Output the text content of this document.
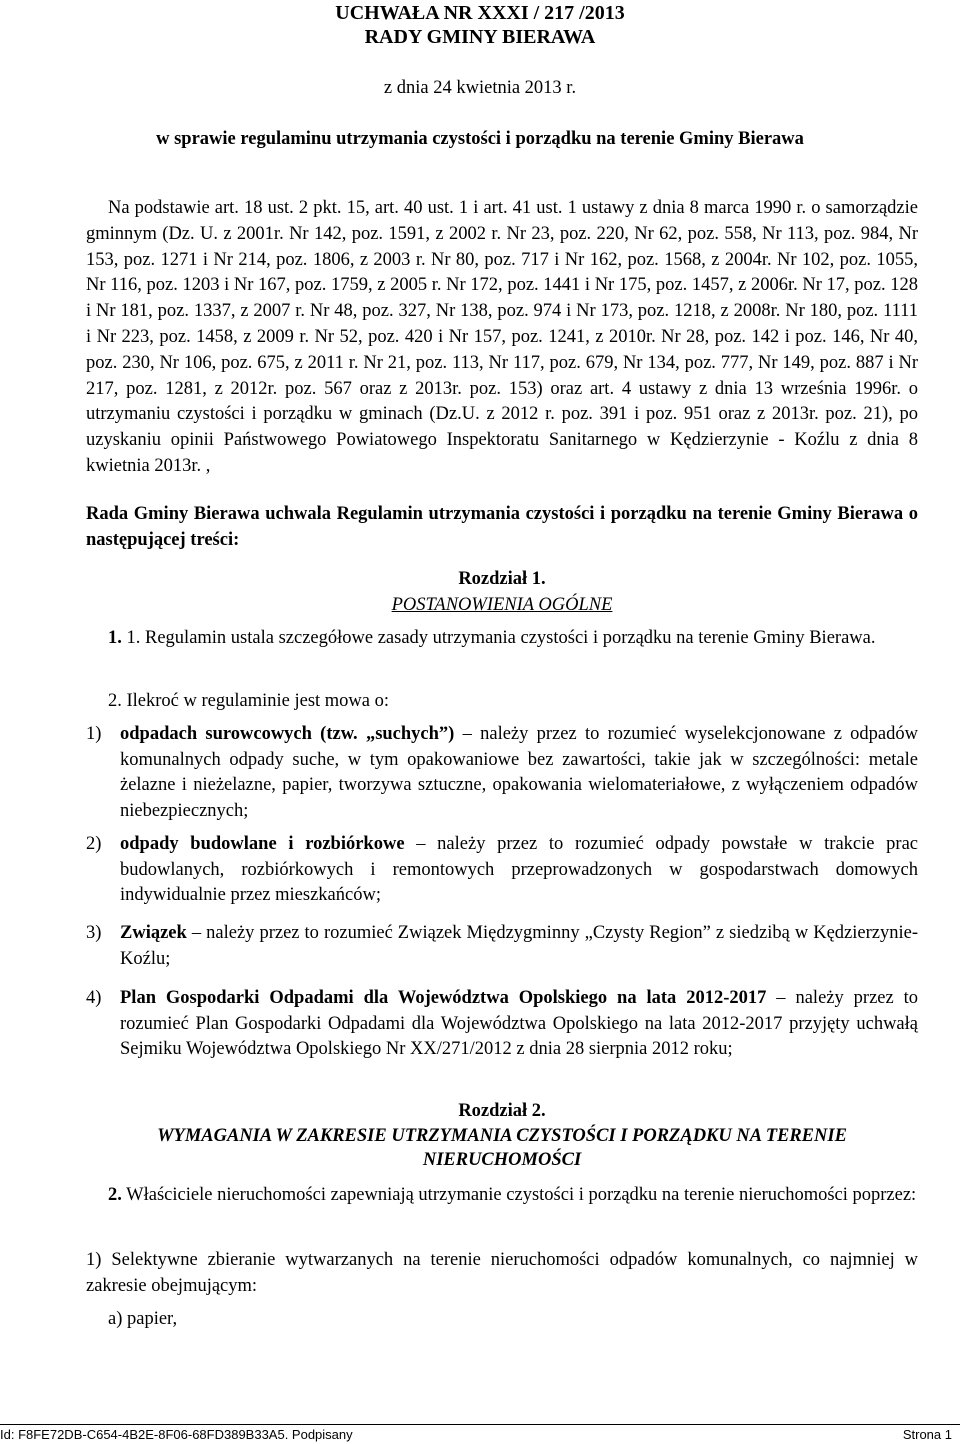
UCHWAŁA NR XXXI / 217 /2013
RADY GMINY BIERAWA
z dnia 24 kwietnia 2013 r.
w sprawie regulaminu utrzymania czystości i porządku na terenie Gminy Bierawa
Na podstawie art. 18 ust. 2 pkt. 15, art. 40 ust. 1 i art. 41 ust. 1 ustawy z dnia 8 marca 1990 r. o samorządzie gminnym (Dz. U. z 2001r. Nr 142, poz. 1591, z 2002 r. Nr 23, poz. 220, Nr 62, poz. 558, Nr 113, poz. 984, Nr 153, poz. 1271 i Nr 214, poz. 1806, z 2003 r. Nr 80, poz. 717 i Nr 162, poz. 1568, z 2004r. Nr 102, poz. 1055, Nr 116, poz. 1203 i Nr 167, poz. 1759, z 2005 r. Nr 172, poz. 1441 i Nr 175, poz. 1457, z 2006r. Nr 17, poz. 128 i Nr 181, poz. 1337, z 2007 r. Nr 48, poz. 327, Nr 138, poz. 974 i Nr 173, poz. 1218, z 2008r. Nr 180, poz. 1111 i Nr 223, poz. 1458, z 2009 r. Nr 52, poz. 420 i Nr 157, poz. 1241, z 2010r. Nr 28, poz. 142 i poz. 146, Nr 40, poz. 230, Nr 106, poz. 675, z 2011 r. Nr 21, poz. 113, Nr 117, poz. 679, Nr 134, poz. 777, Nr 149, poz. 887 i Nr 217, poz. 1281, z 2012r. poz. 567 oraz z 2013r. poz. 153) oraz art. 4 ustawy z dnia 13 września 1996r. o utrzymaniu czystości i porządku w gminach (Dz.U. z 2012 r. poz. 391 i poz. 951 oraz z 2013r. poz. 21), po uzyskaniu opinii Państwowego Powiatowego Inspektoratu Sanitarnego w Kędzierzynie - Koźlu z dnia 8 kwietnia 2013r. ,
Rada Gminy Bierawa uchwala Regulamin utrzymania czystości i porządku na terenie Gminy Bierawa o następującej treści:
Rozdział 1.
POSTANOWIENIA OGÓLNE
1. 1. Regulamin ustala szczegółowe zasady utrzymania czystości i porządku na terenie Gminy Bierawa.
2. Ilekroć w regulaminie jest mowa o:
1) odpadach surowcowych (tzw. „suchych”) – należy przez to rozumieć wyselekcjonowane z odpadów komunalnych odpady suche, w tym opakowaniowe bez zawartości, takie jak w szczególności: metale żelazne i nieżelazne, papier, tworzywa sztuczne, opakowania wielomateriałowe, z wyłączeniem odpadów niebezpiecznych;
2) odpady budowlane i rozbiórkowe – należy przez to rozumieć odpady powstałe w trakcie prac budowlanych, rozbiórkowych i remontowych przeprowadzonych w gospodarstwach domowych indywidualnie przez mieszkańców;
3) Związek – należy przez to rozumieć Związek Międzygminny „Czysty Region” z siedzibą w Kędzierzynie-Koźlu;
4) Plan Gospodarki Odpadami dla Województwa Opolskiego na lata 2012-2017 – należy przez to rozumieć Plan Gospodarki Odpadami dla Województwa Opolskiego na lata 2012-2017 przyjęty uchwałą Sejmiku Województwa Opolskiego Nr XX/271/2012 z dnia 28 sierpnia 2012 roku;
Rozdział 2.
WYMAGANIA W ZAKRESIE UTRZYMANIA CZYSTOŚCI I PORZĄDKU NA TERENIE
NIERUCHOMOŚCI
2. Właściciele nieruchomości zapewniają utrzymanie czystości i porządku na terenie nieruchomości poprzez:
1) Selektywne zbieranie wytwarzanych na terenie nieruchomości odpadów komunalnych, co najmniej w zakresie obejmującym:
a) papier,
Id: F8FE72DB-C654-4B2E-8F06-68FD389B33A5. Podpisany	Strona 1
